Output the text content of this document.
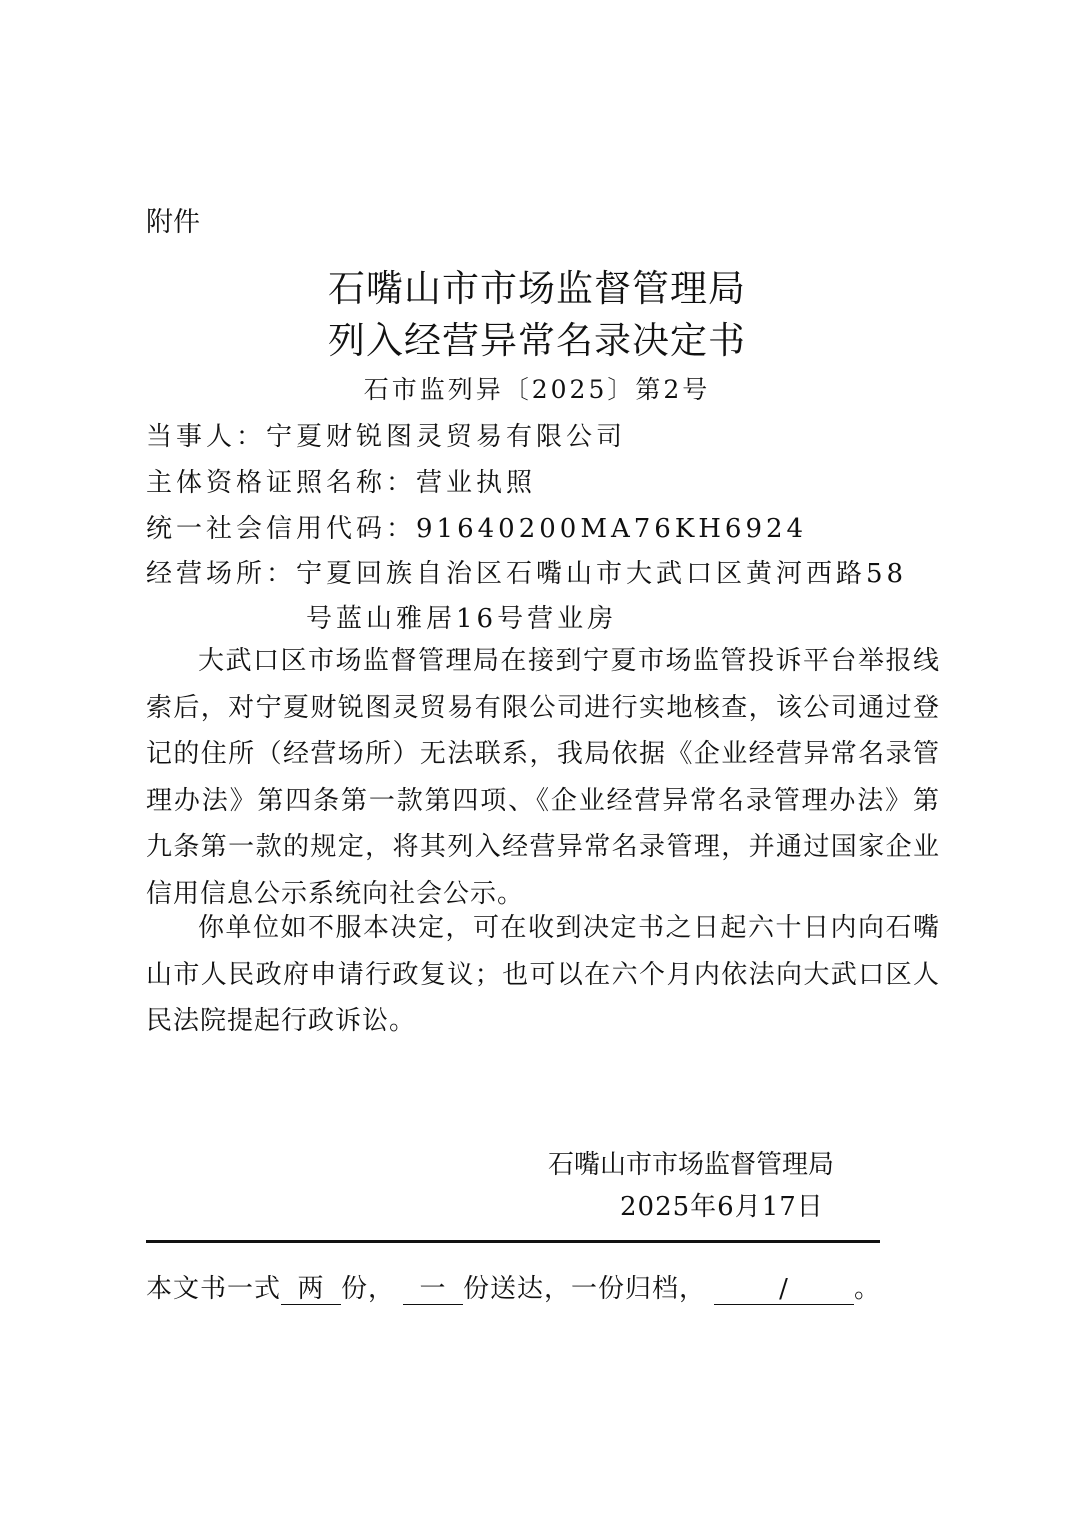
附件
石嘴山市市场监督管理局
列入经营异常名录决定书
石市监列异〔2025〕第2号
当事人：宁夏财锐图灵贸易有限公司
主体资格证照名称：营业执照
统一社会信用代码：91640200MA76KH6924
经营场所：宁夏回族自治区石嘴山市大武口区黄河西路58
号蓝山雅居16号营业房

大武口区市场监督管理局在接到宁夏市场监管投诉平台举报线索后，对宁夏财锐图灵贸易有限公司进行实地核查，该公司通过登记的住所（经营场所）无法联系，我局依据《企业经营异常名录管理办法》第四条第一款第四项、《企业经营异常名录管理办法》第九条第一款的规定，将其列入经营异常名录管理，并通过国家企业信用信息公示系统向社会公示。

你单位如不服本决定，可在收到决定书之日起六十日内向石嘴山市人民政府申请行政复议；也可以在六个月内依法向大武口区人民法院提起行政诉讼。

石嘴山市市场监督管理局
2025年6月17日
本文书一式 两 份， 一 份送达，一份归档，	/	。
